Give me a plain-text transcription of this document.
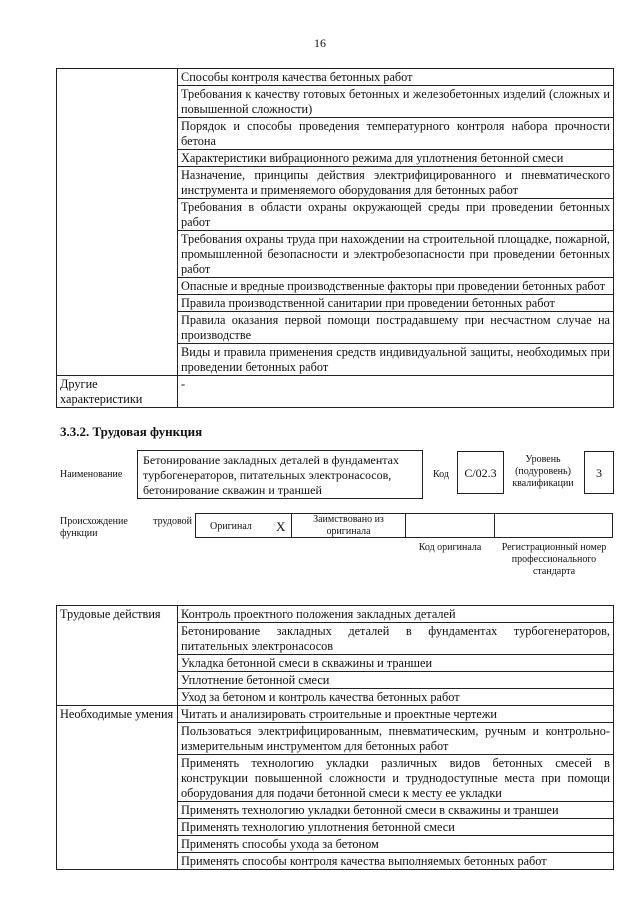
16
	Способы контроля качества бетонных работ
	Требования к качеству готовых бетонных и железобетонных изделий (сложных и повышенной сложности)
	Порядок и способы проведения температурного контроля набора прочности бетона
	Характеристики вибрационного режима для уплотнения бетонной смеси
	Назначение, принципы действия электрифицированного и пневматического инструмента и применяемого оборудования для бетонных работ
	Требования в области охраны окружающей среды при проведении бетонных работ
	Требования охраны труда при нахождении на строительной площадке, пожарной, промышленной безопасности и электробезопасности при проведении бетонных работ
	Опасные и вредные производственные факторы при проведении бетонных работ
	Правила производственной санитарии при проведении бетонных работ
	Правила оказания первой помощи пострадавшему при несчастном случае на производстве
	Виды и правила применения средств индивидуальной защиты, необходимых при проведении бетонных работ
Другие характеристики	-
3.3.2. Трудовая функция
Наименование
Бетонирование закладных деталей в фундаментах турбогенераторов, питательных электронасосов, бетонирование скважин и траншей
Код	C/02.3
Уровень (подуровень) квалификации
3
Происхождение трудовой функции
Оригинал X	Заимствовано из оригинала
Код оригинала	Регистрационный номер профессионального стандарта
Трудовые действия	Контроль проектного положения закладных деталей
	Бетонирование закладных деталей в фундаментах турбогенераторов, питательных электронасосов
	Укладка бетонной смеси в скважины и траншеи
	Уплотнение бетонной смеси
	Уход за бетоном и контроль качества бетонных работ
Необходимые умения	Читать и анализировать строительные и проектные чертежи
	Пользоваться электрифицированным, пневматическим, ручным и контрольно-измерительным инструментом для бетонных работ
	Применять технологию укладки различных видов бетонных смесей в конструкции повышенной сложности и труднодоступные места при помощи оборудования для подачи бетонной смеси к месту ее укладки
	Применять технологию укладки бетонной смеси в скважины и траншеи
	Применять технологию уплотнения бетонной смеси
	Применять способы ухода за бетоном
	Применять способы контроля качества выполняемых бетонных работ
